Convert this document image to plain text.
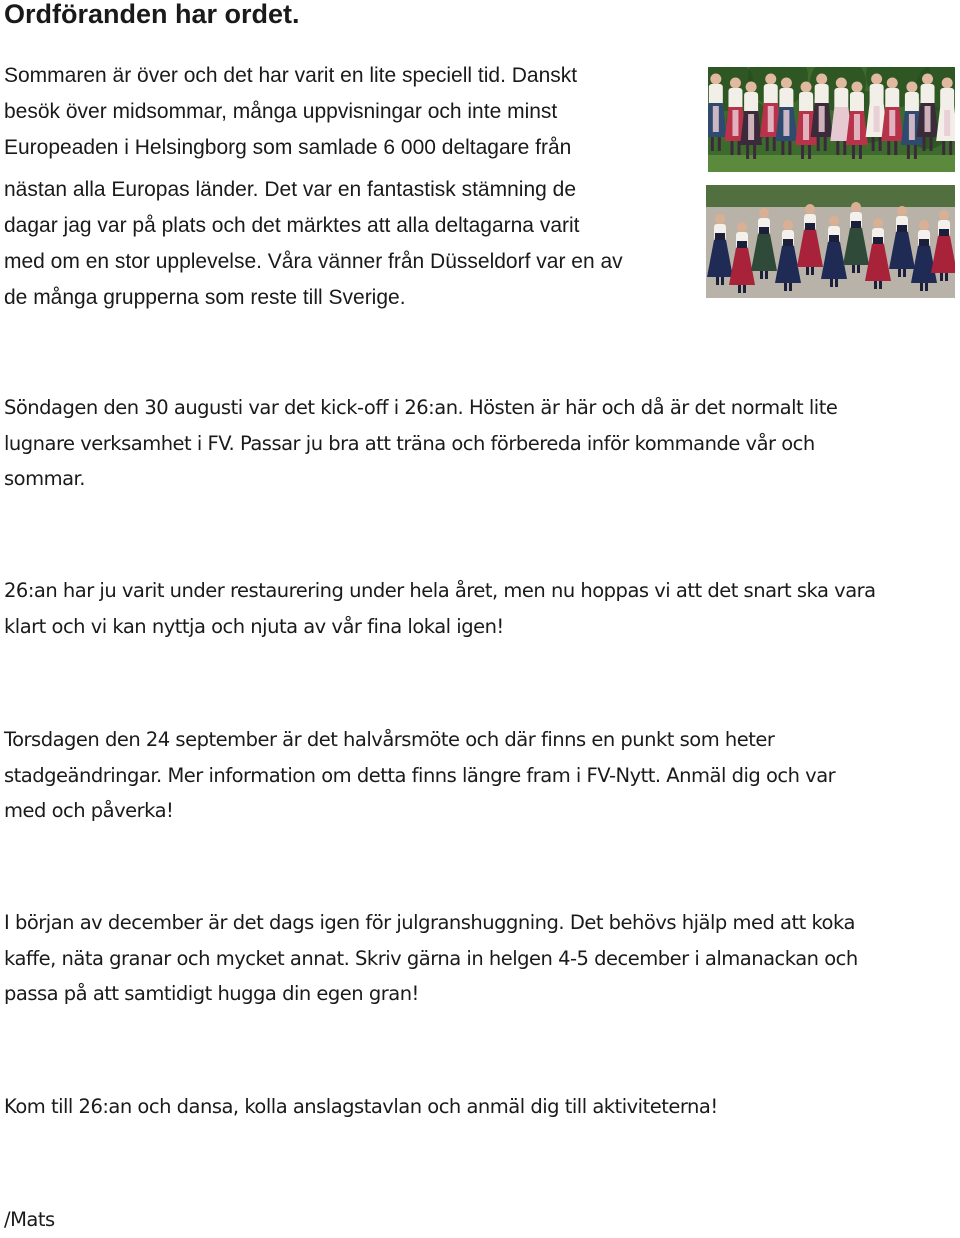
Ordföranden har ordet.
Sommaren är över och det har varit en lite speciell tid. Danskt
besök över midsommar, många uppvisningar och inte minst
Europeaden i Helsingborg som samlade 6 000 deltagare från
nästan alla Europas länder. Det var en fantastisk stämning de
dagar jag var på plats och det märktes att alla deltagarna varit
med om en stor upplevelse. Våra vänner från Düsseldorf var en av
de många grupperna som reste till Sverige.
Söndagen den 30 augusti var det kick-off i 26:an. Hösten är här och då är det normalt lite
lugnare verksamhet i FV. Passar ju bra att träna och förbereda inför kommande vår och
sommar.
26:an har ju varit under restaurering under hela året, men nu hoppas vi att det snart ska vara
klart och vi kan nyttja och njuta av vår fina lokal igen!
Torsdagen den 24 september är det halvårsmöte och där finns en punkt som heter
stadgeändringar. Mer information om detta finns längre fram i FV-Nytt. Anmäl dig och var
med och påverka!
I början av december är det dags igen för julgranshuggning. Det behövs hjälp med att koka
kaffe, näta granar och mycket annat. Skriv gärna in helgen 4-5 december i almanackan och
passa på att samtidigt hugga din egen gran!
Kom till 26:an och dansa, kolla anslagstavlan och anmäl dig till aktiviteterna!
/Mats
